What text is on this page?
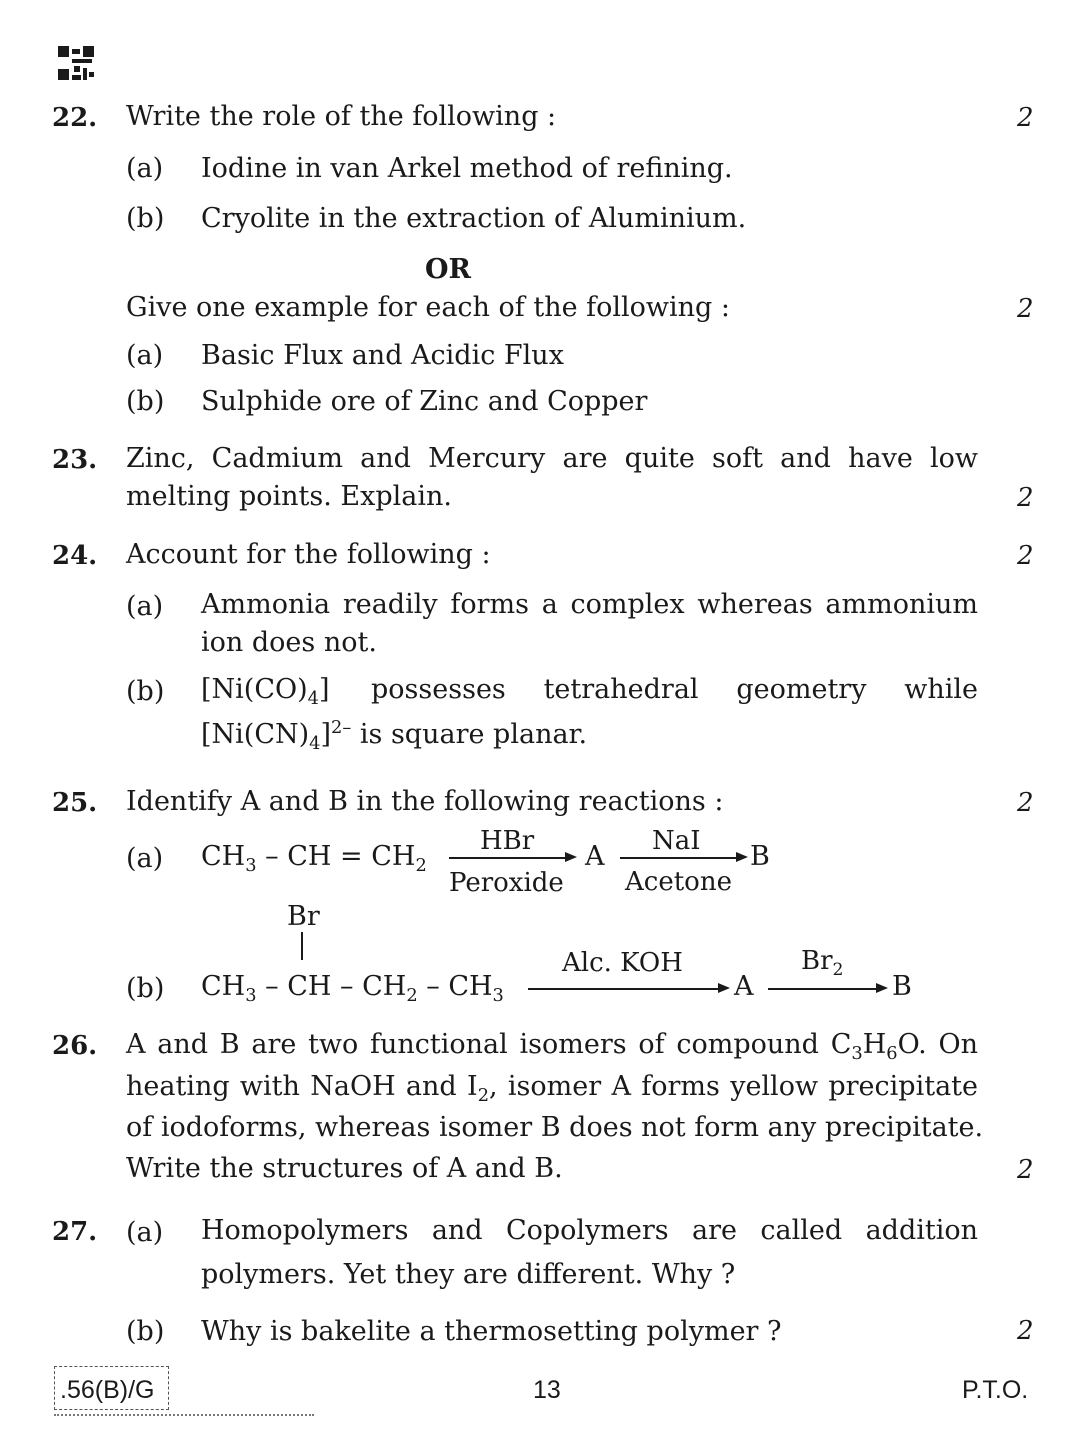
22. Write the role of the following :	2
(a) Iodine in van Arkel method of refining.
(b) Cryolite in the extraction of Aluminium.
OR
Give one example for each of the following :	2
(a) Basic Flux and Acidic Flux
(b) Sulphide ore of Zinc and Copper
23. Zinc, Cadmium and Mercury are quite soft and have low
melting points. Explain.	2
24. Account for the following :	2
(a) Ammonia readily forms a complex whereas ammonium
ion does not.
(b) $[Ni(CO)_4]$ possesses tetrahedral geometry while
$[Ni(CN)_4]^{2-}$ is square planar.
25. Identify A and B in the following reactions :	2
(a) $CH_3$ – CH = $CH_2$
HBr
Peroxide
A NaI
Acetone
B
Br
(b) $CH_3$ – CH – $CH_2 - CH_3$
Alc. KOH
A
$Br_2$
B
26. A and B are two functional isomers of compound $C_3H_6O$. On
heating with NaOH and $I_2$, isomer A forms yellow precipitate
of iodoforms, whereas isomer B does not form any precipitate.
Write the structures of A and B.	2
27. (a) Homopolymers and Copolymers are called addition
polymers. Yet they are different. Why ?
(b) Why is bakelite a thermosetting polymer ?	2
.56(B)/G	13	P.T.O.
